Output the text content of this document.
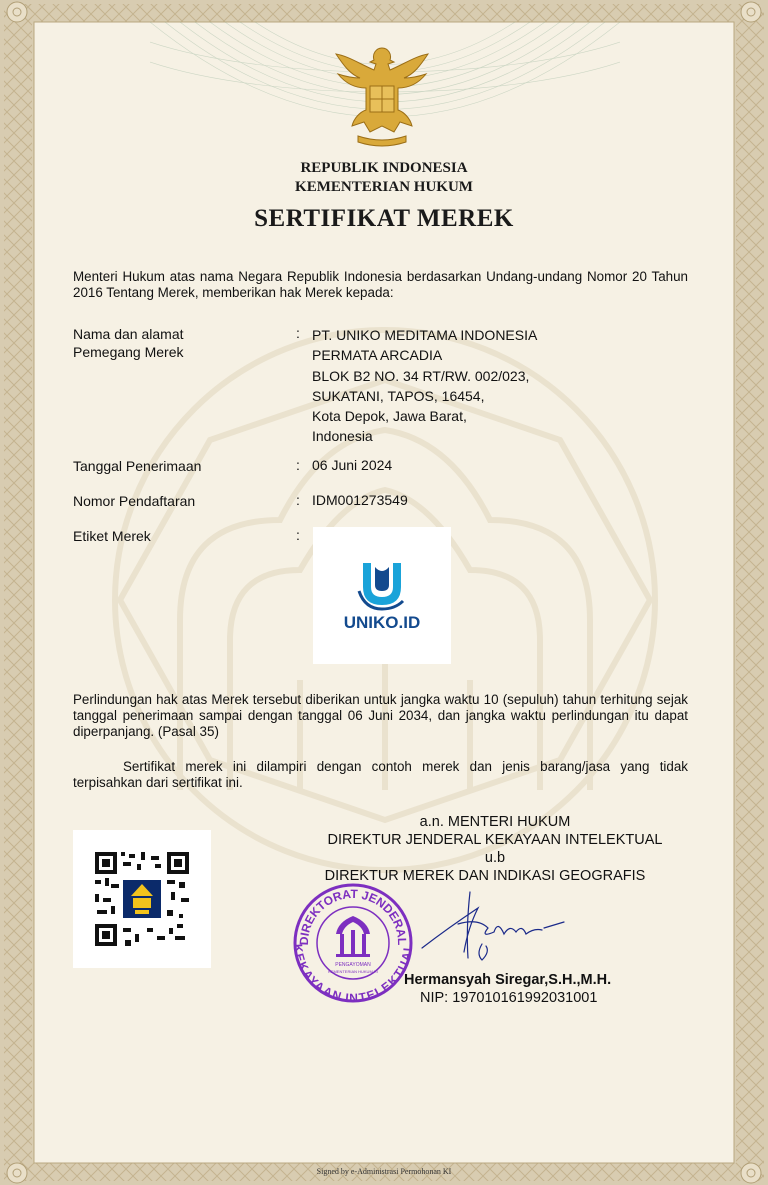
REPUBLIK INDONESIA
KEMENTERIAN HUKUM
SERTIFIKAT MEREK
Menteri Hukum atas nama Negara Republik Indonesia berdasarkan Undang-undang Nomor 20 Tahun 2016 Tentang Merek, memberikan hak Merek kepada:
Nama dan alamat
Pemegang Merek
: PT. UNIKO MEDITAMA INDONESIA
PERMATA ARCADIA
BLOK B2 NO. 34 RT/RW. 002/023,
SUKATANI, TAPOS, 16454,
Kota Depok, Jawa Barat,
Indonesia
Tanggal Penerimaan	: 06 Juni 2024
Nomor Pendaftaran	: IDM001273549
Etiket Merek	:
UNIKO.ID
Perlindungan hak atas Merek tersebut diberikan untuk jangka waktu 10 (sepuluh) tahun terhitung sejak tanggal penerimaan sampai dengan tanggal 06 Juni 2034, dan jangka waktu perlindungan itu dapat diperpanjang. (Pasal 35)
Sertifikat merek ini dilampiri dengan contoh merek dan jenis barang/jasa yang tidak terpisahkan dari sertifikat ini.
a.n. MENTERI HUKUM
DIREKTUR JENDERAL KEKAYAAN INTELEKTUAL
u.b
DIREKTUR MEREK DAN INDIKASI GEOGRAFIS
DIREKTORAT JENDERAL
KEKAYAAN INTELEKTUAL
PENGAYOMAN
KEMENTERIAN HUKUM RI
Hermansyah Siregar,S.H.,M.H.
NIP: 197010161992031001
Signed by e-Administrasi Permohonan KI
